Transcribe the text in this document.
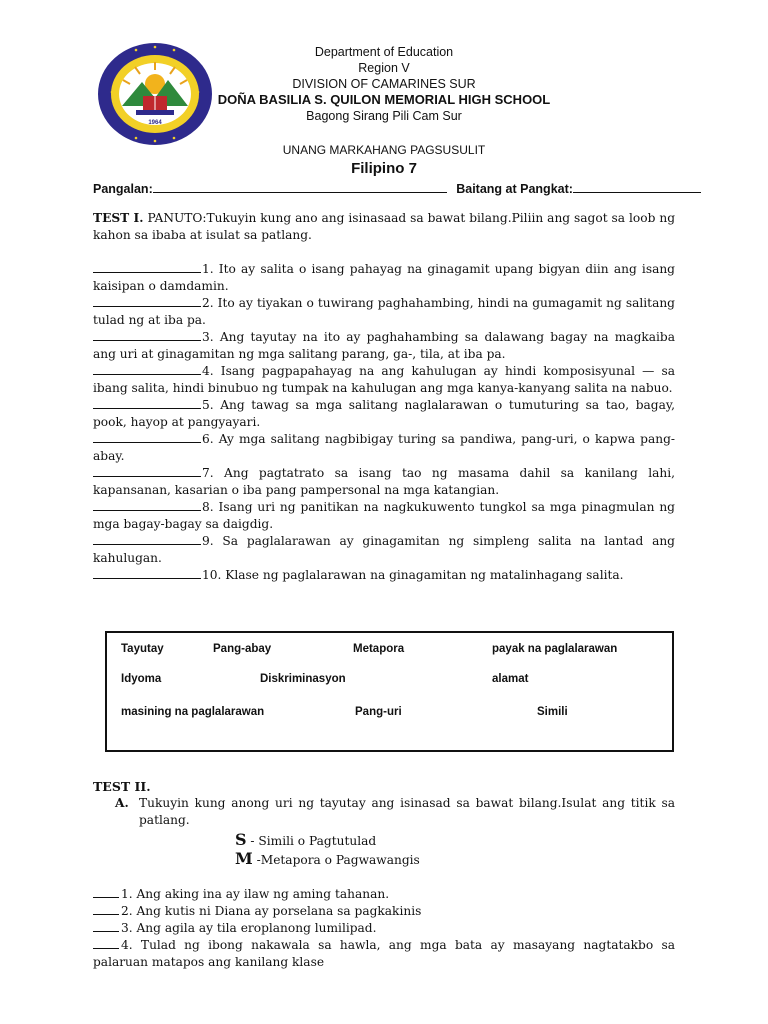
1964
Department of Education
Region V
DIVISION OF CAMARINES SUR
DOÑA BASILIA S. QUILON MEMORIAL HIGH SCHOOL
Bagong Sirang Pili Cam Sur
UNANG MARKAHANG PAGSUSULIT
Filipino 7
Pangalan:	Baitang at Pangkat:

TEST I. PANUTO:Tukuyin kung ano ang isinasaad sa bawat bilang.Piliin ang sagot sa loob ng kahon sa ibaba at isulat sa patlang.

1. Ito ay salita o isang pahayag na ginagamit upang bigyan diin ang isang kaisipan o damdamin.

2. Ito ay tiyakan o tuwirang paghahambing, hindi na gumagamit ng salitang tulad ng at iba pa.

3. Ang tayutay na ito ay paghahambing sa dalawang bagay na magkaiba ang uri at ginagamitan ng mga salitang parang, ga-, tila, at iba pa.

4. Isang pagpapahayag na ang kahulugan ay hindi komposisyunal — sa ibang salita, hindi binubuo ng tumpak na kahulugan ang mga kanya-kanyang salita na nabuo.

5. Ang tawag sa mga salitang naglalarawan o tumuturing sa tao, bagay, pook, hayop at pangyayari.

6. Ay mga salitang nagbibigay turing sa pandiwa, pang-uri, o kapwa pang-abay.

7. Ang pagtatrato sa isang tao ng masama dahil sa kanilang lahi, kapansanan, kasarian o iba pang pampersonal na mga katangian.

8. Isang uri ng panitikan na nagkukuwento tungkol sa mga pinagmulan ng mga bagay-bagay sa daigdig.

9. Sa paglalarawan ay ginagamitan ng simpleng salita na lantad ang kahulugan.

10. Klase ng paglalarawan na ginagamitan ng matalinhagang salita.

Tayutay	Pang-abay	Metapora	payak na paglalarawan
Idyoma	Diskriminasyon	alamat
masining na paglalarawan	Pang-uri	Simili

TEST II.

A. Tukuyin kung anong uri ng tayutay ang isinasad sa bawat bilang.Isulat ang titik sa patlang.

S - Simili o Pagtutulad

M -Metapora o Pagwawangis

1. Ang aking ina ay ilaw ng aming tahanan.

2. Ang kutis ni Diana ay porselana sa pagkakinis

3. Ang agila ay tila eroplanong lumilipad.

4. Tulad ng ibong nakawala sa hawla, ang mga bata ay masayang nagtatakbo sa palaruan matapos ang kanilang klase
